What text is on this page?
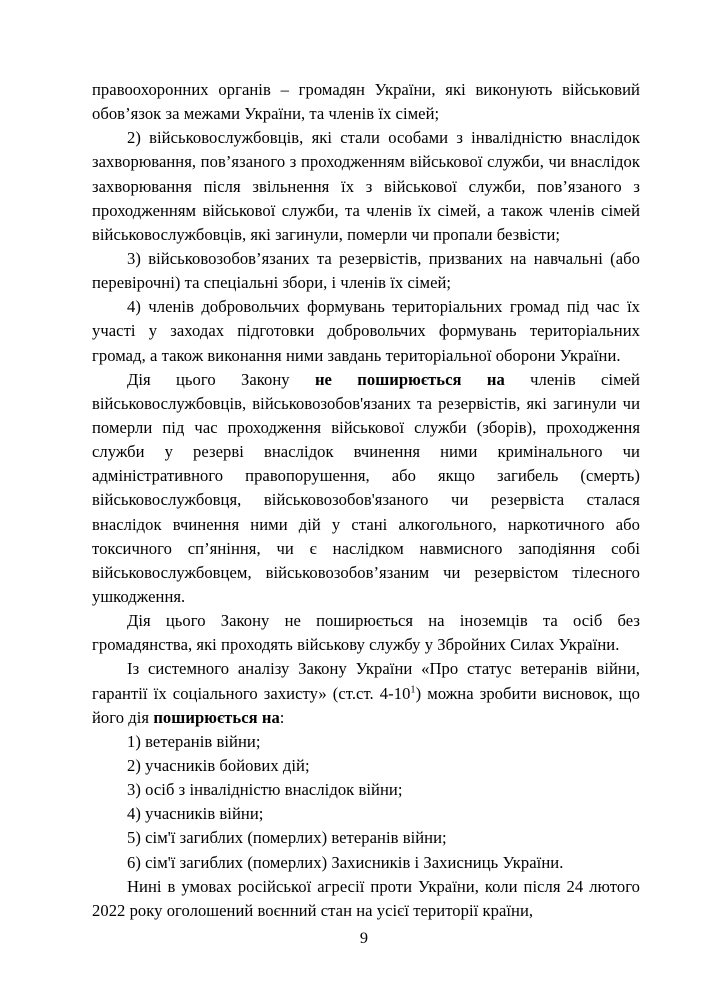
правоохоронних органів – громадян України, які виконують військовий обов’язок за межами України, та членів їх сімей;

2) військовослужбовців, які стали особами з інвалідністю внаслідок захворювання, пов’язаного з проходженням військової служби, чи внаслідок захворювання після звільнення їх з військової служби, пов’язаного з проходженням військової служби, та членів їх сімей, а також членів сімей військовослужбовців, які загинули, померли чи пропали безвісти;

3) військовозобов’язаних та резервістів, призваних на навчальні (або перевірочні) та спеціальні збори, і членів їх сімей;

4) членів добровольчих формувань територіальних громад під час їх участі у заходах підготовки добровольчих формувань територіальних громад, а також виконання ними завдань територіальної оборони України.

Дія цього Закону не поширюється на членів сімей військовослужбовців, військовозобов'язаних та резервістів, які загинули чи померли під час проходження військової служби (зборів), проходження служби у резерві внаслідок вчинення ними кримінального чи адміністративного правопорушення, або якщо загибель (смерть) військовослужбовця, військовозобов'язаного чи резервіста сталася внаслідок вчинення ними дій у стані алкогольного, наркотичного або токсичного сп’яніння, чи є наслідком навмисного заподіяння собі військовослужбовцем, військовозобов’язаним чи резервістом тілесного ушкодження.

Дія цього Закону не поширюється на іноземців та осіб без громадянства, які проходять військову службу у Збройних Силах України.

Із системного аналізу Закону України «Про статус ветеранів війни, гарантії їх соціального захисту» (ст.ст. $4-10^1$) можна зробити висновок, що його дія поширюється на:

1) ветеранів війни;

2) учасників бойових дій;

3) осіб з інвалідністю внаслідок війни;

4) учасників війни;

5) сім'ї загиблих (померлих) ветеранів війни;

6) сім'ї загиблих (померлих) Захисників і Захисниць України.

Нині в умовах російської агресії проти України, коли після 24 лютого 2022 року оголошений воєнний стан на усієї території країни,

9
